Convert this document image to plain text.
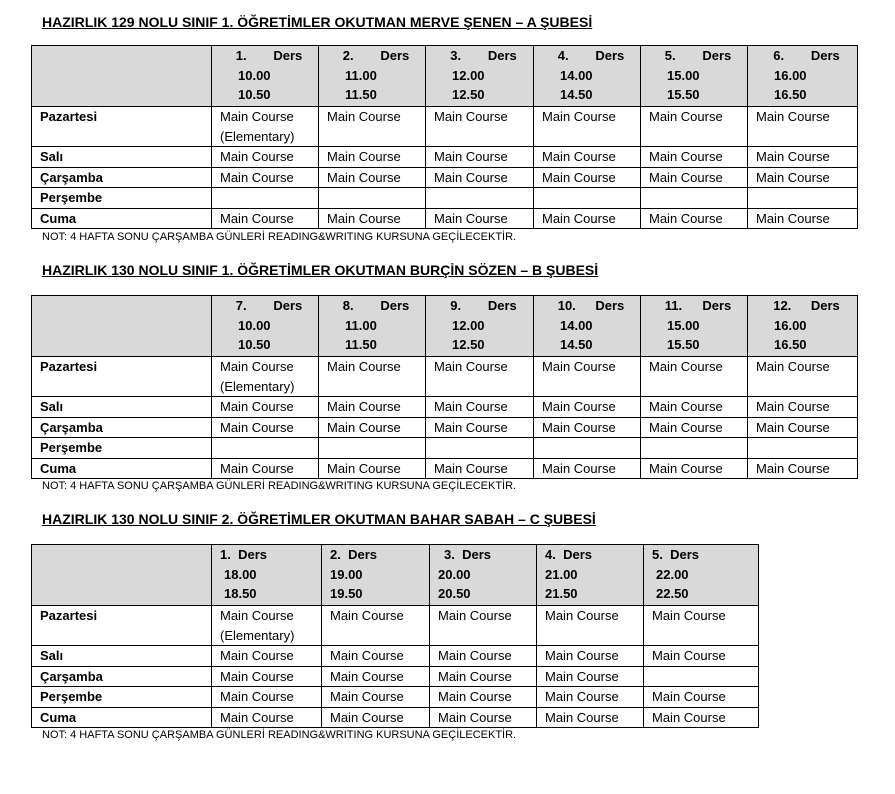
HAZIRLIK 129 NOLU SINIF 1. ÖĞRETİMLER OKUTMAN MERVE ŞENEN – A ŞUBESİ

	1. Ders
10.00
10.50	2. Ders
11.00
11.50	3. Ders
12.00
12.50	4. Ders
14.00
14.50	5. Ders
15.00
15.50	6. Ders
16.00
16.50

Pazartesi	Main Course (Elementary)	Main Course	Main Course	Main Course	Main Course	Main Course
Salı	Main Course	Main Course	Main Course	Main Course	Main Course	Main Course
Çarşamba	Main Course	Main Course	Main Course	Main Course	Main Course	Main Course
Perşembe						
Cuma	Main Course	Main Course	Main Course	Main Course	Main Course	Main Course
NOT: 4 HAFTA SONU ÇARŞAMBA GÜNLERİ READING&WRITING KURSUNA GEÇİLECEKTİR.
HAZIRLIK 130 NOLU SINIF 1. ÖĞRETİMLER OKUTMAN BURÇİN SÖZEN – B ŞUBESİ

	7. Ders
10.00
10.50	8. Ders
11.00
11.50	9. Ders
12.00
12.50	10. Ders
14.00
14.50	11. Ders
15.00
15.50	12. Ders
16.00
16.50

Pazartesi	Main Course (Elementary)	Main Course	Main Course	Main Course	Main Course	Main Course
Salı	Main Course	Main Course	Main Course	Main Course	Main Course	Main Course
Çarşamba	Main Course	Main Course	Main Course	Main Course	Main Course	Main Course
Perşembe						
Cuma	Main Course	Main Course	Main Course	Main Course	Main Course	Main Course
NOT: 4 HAFTA SONU ÇARŞAMBA GÜNLERİ READING&WRITING KURSUNA GEÇİLECEKTİR.
HAZIRLIK 130 NOLU SINIF 2. ÖĞRETİMLER OKUTMAN BAHAR SABAH – C ŞUBESİ

	1. Ders
18.00
18.50	2. Ders
19.00
19.50	3. Ders
20.00
20.50	4. Ders
21.00
21.50	5. Ders
22.00
22.50

Pazartesi	Main Course (Elementary)	Main Course	Main Course	Main Course	Main Course
Salı	Main Course	Main Course	Main Course	Main Course	Main Course
Çarşamba	Main Course	Main Course	Main Course	Main Course	
Perşembe	Main Course	Main Course	Main Course	Main Course	Main Course
Cuma	Main Course	Main Course	Main Course	Main Course	Main Course
NOT: 4 HAFTA SONU ÇARŞAMBA GÜNLERİ READING&WRITING KURSUNA GEÇİLECEKTİR.
